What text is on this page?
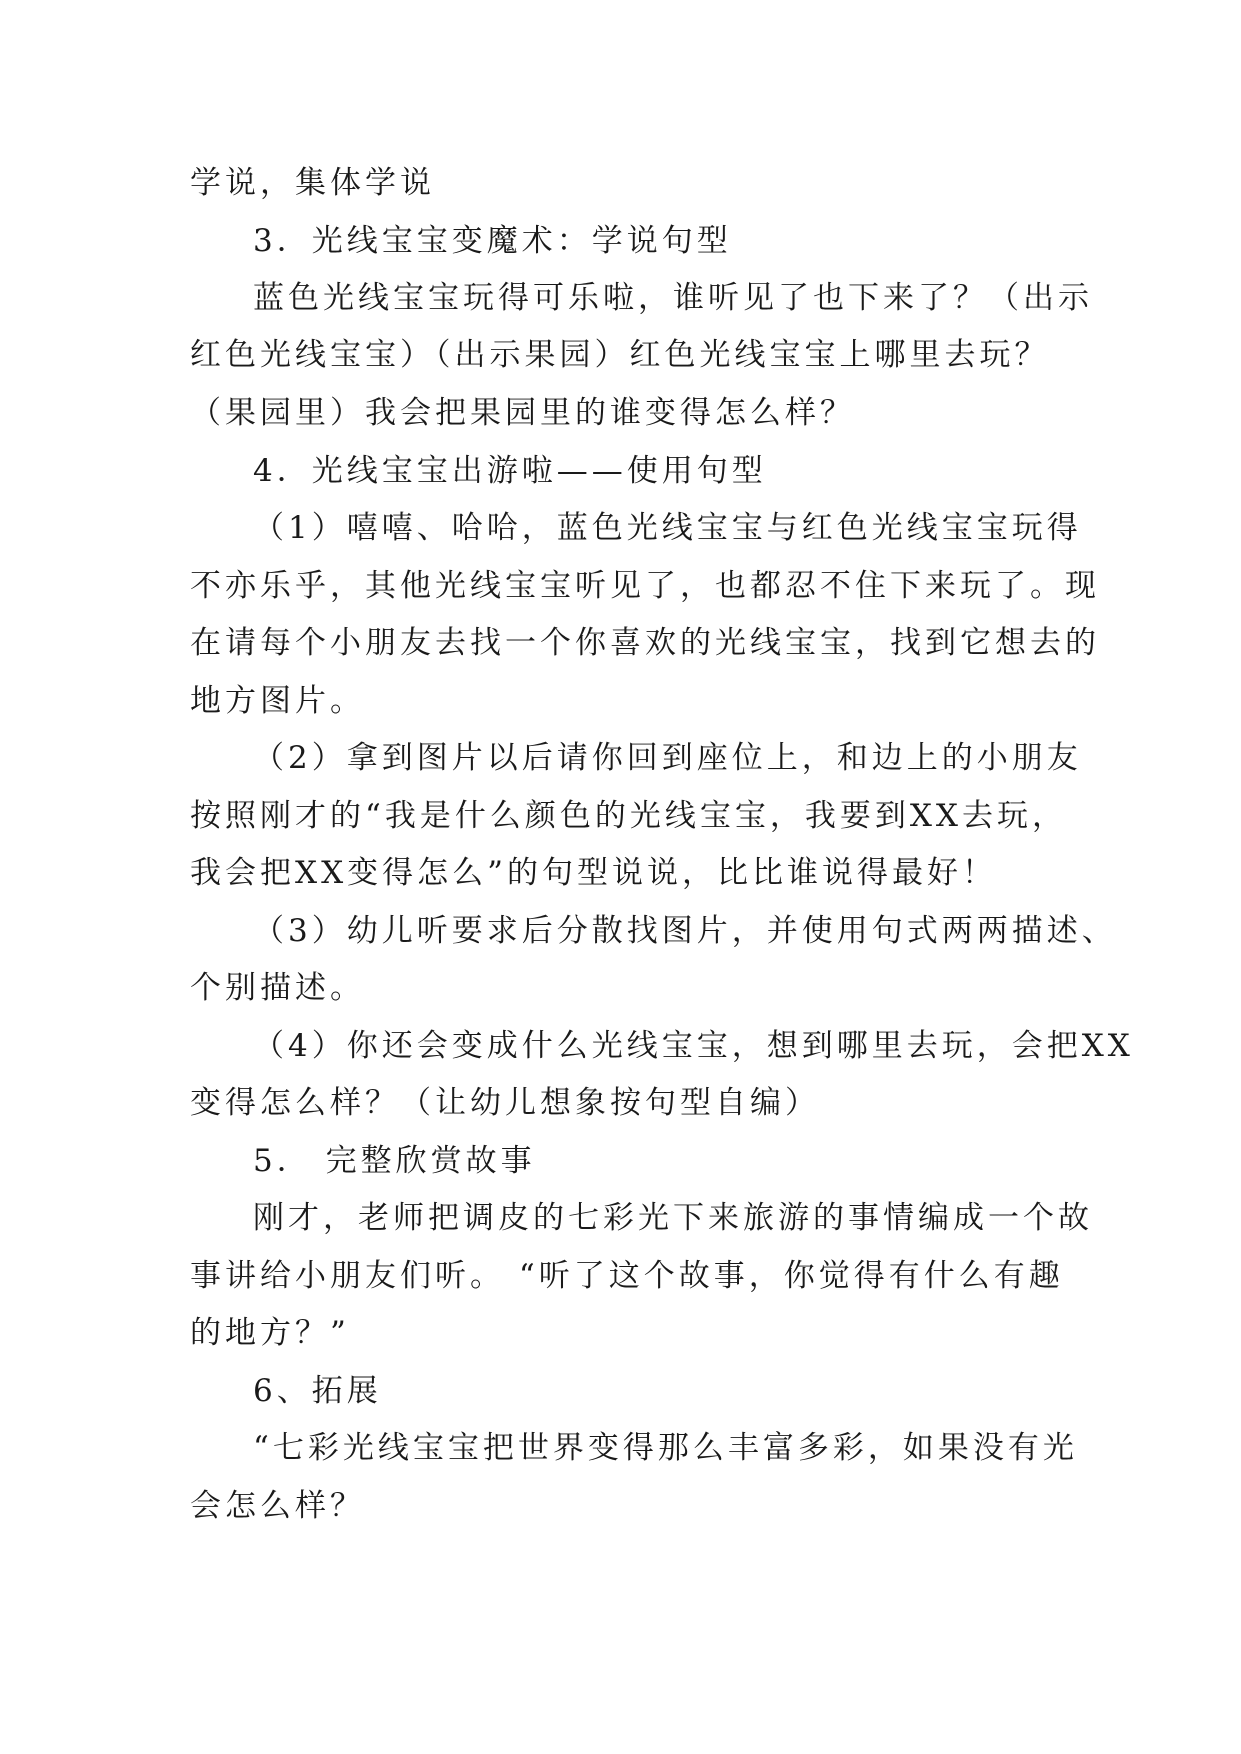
学说，集体学说
3．光线宝宝变魔术：学说句型
蓝色光线宝宝玩得可乐啦，谁听见了也下来了？（出示
红色光线宝宝）（出示果园）红色光线宝宝上哪里去玩？
（果园里）我会把果园里的谁变得怎么样？
4．光线宝宝出游啦——使用句型
（1）嘻嘻、哈哈，蓝色光线宝宝与红色光线宝宝玩得
不亦乐乎，其他光线宝宝听见了，也都忍不住下来玩了。现
在请每个小朋友去找一个你喜欢的光线宝宝，找到它想去的
地方图片。
（2）拿到图片以后请你回到座位上，和边上的小朋友
按照刚才的“我是什么颜色的光线宝宝，我要到XX去玩，
我会把XX变得怎么”的句型说说，比比谁说得最好！
（3）幼儿听要求后分散找图片，并使用句式两两描述、
个别描述。
（4）你还会变成什么光线宝宝，想到哪里去玩，会把XX
变得怎么样？（让幼儿想象按句型自编）
5． 完整欣赏故事
刚才，老师把调皮的七彩光下来旅游的事情编成一个故
事讲给小朋友们听。 “听了这个故事，你觉得有什么有趣
的地方？”
6、拓展
“七彩光线宝宝把世界变得那么丰富多彩，如果没有光
会怎么样？
